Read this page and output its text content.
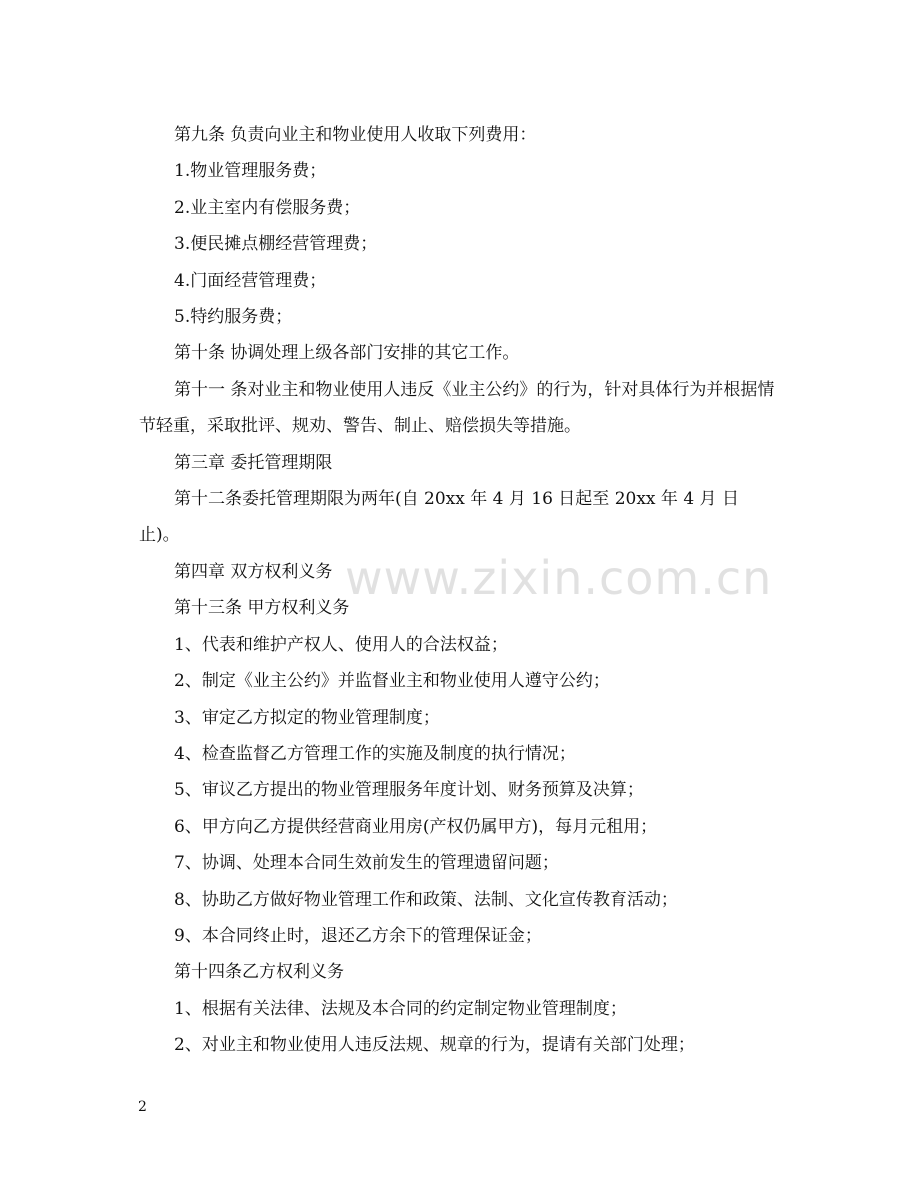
第九条 负责向业主和物业使用人收取下列费用：

1.物业管理服务费；

2.业主室内有偿服务费；

3.便民摊点棚经营管理费；

4.门面经营管理费；

5.特约服务费；

第十条 协调处理上级各部门安排的其它工作。

第十一 条对业主和物业使用人违反《业主公约》的行为，针对具体行为并根据情节轻重，采取批评、规劝、警告、制止、赔偿损失等措施。

第三章 委托管理期限

第十二条委托管理期限为两年(自 20xx 年 4 月 16 日起至 20xx 年 4 月 日止)。

第四章 双方权利义务

第十三条 甲方权利义务

1、代表和维护产权人、使用人的合法权益；

2、制定《业主公约》并监督业主和物业使用人遵守公约；

3、审定乙方拟定的物业管理制度；

4、检查监督乙方管理工作的实施及制度的执行情况；

5、审议乙方提出的物业管理服务年度计划、财务预算及决算；

6、甲方向乙方提供经营商业用房(产权仍属甲方)，每月元租用；

7、协调、处理本合同生效前发生的管理遗留问题；

8、协助乙方做好物业管理工作和政策、法制、文化宣传教育活动；

9、本合同终止时，退还乙方余下的管理保证金；

第十四条乙方权利义务

1、根据有关法律、法规及本合同的约定制定物业管理制度；

2、对业主和物业使用人违反法规、规章的行为，提请有关部门处理；

www.zixin.com.cn
2
